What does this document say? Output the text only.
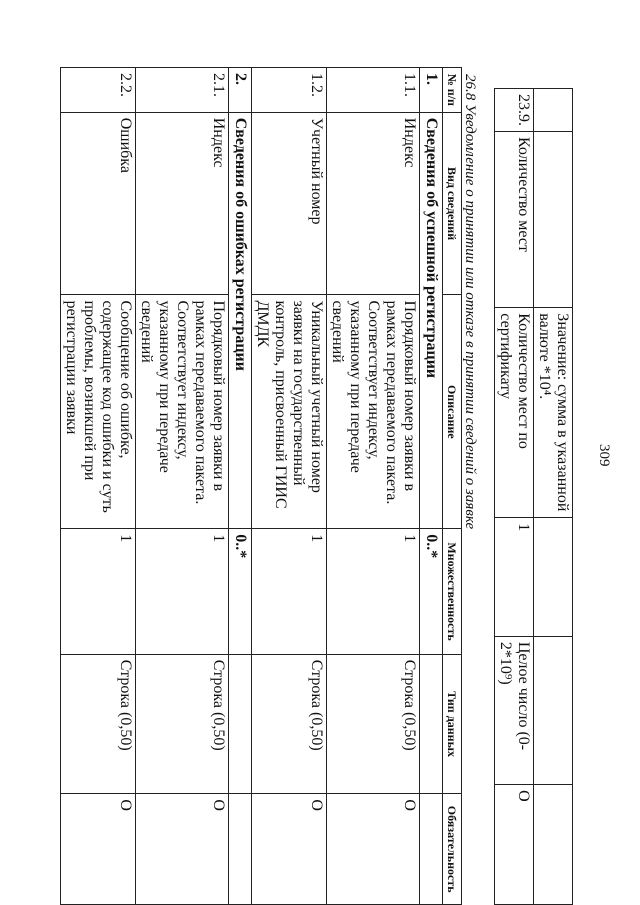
309
		Значение: сумма в указанной валюте *10⁴.			
23.9.	Количество мест	Количество мест по сертификату	1	Целое число (0-2*10⁹)	О
26.8 Уведомление о принятии или отказе в принятии сведений о заявке
№ п/п	Вид сведений	Описание	Множественность	Тип данных	Обязательность
1.	Сведения об успешной регистрации		0..*		
1.1.	Индекс	Порядковый номер заявки в рамках передаваемого пакета. Соответствует индексу, указанному при передаче сведений	1	Строка (0,50)	О
1.2.	Учетный номер	Уникальный учетный номер заявки на государственный контроль, присвоенный ГИИС ДМДК	1	Строка (0,50)	О
2.	Сведения об ошибках регистрации		0..*		
2.1.	Индекс	Порядковый номер заявки в рамках передаваемого пакета. Соответствует индексу, указанному при передаче сведений	1	Строка (0,50)	О
2.2.	Ошибка	Сообщение об ошибке, содержащее код ошибки и суть проблемы, возникшей при регистрации заявки	1	Строка (0,50)	О
